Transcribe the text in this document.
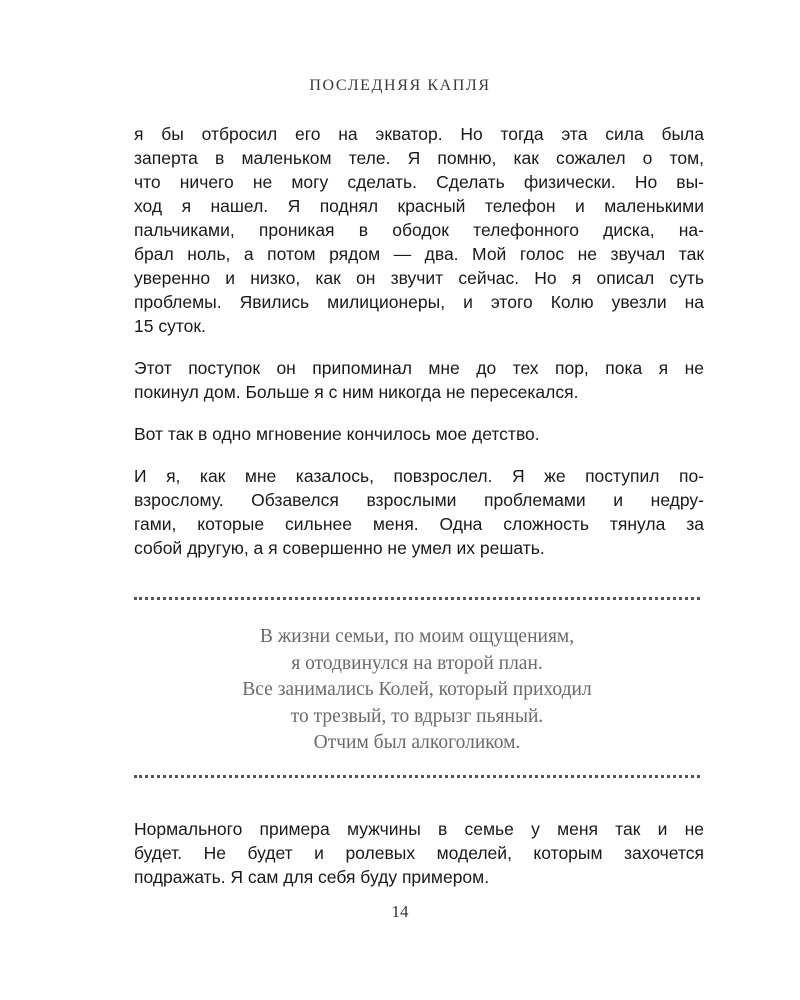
ПОСЛЕДНЯЯ КАПЛЯ

я бы отбросил его на экватор. Но тогда эта сила была
заперта в маленьком теле. Я помню, как сожалел о том,
что ничего не могу сделать. Сделать физически. Но вы-
ход я нашел. Я поднял красный телефон и маленькими
пальчиками, проникая в ободок телефонного диска, на-
брал ноль, а потом рядом — два. Мой голос не звучал так
уверенно и низко, как он звучит сейчас. Но я описал суть
проблемы. Явились милиционеры, и этого Колю увезли на
15 суток.

Этот поступок он припоминал мне до тех пор, пока я не
покинул дом. Больше я с ним никогда не пересекался.

Вот так в одно мгновение кончилось мое детство.

И я, как мне казалось, повзрослел. Я же поступил по-
взрослому. Обзавелся взрослыми проблемами и недру-
гами, которые сильнее меня. Одна сложность тянула за
собой другую, а я совершенно не умел их решать.

В жизни семьи, по моим ощущениям,
я отодвинулся на второй план.
Все занимались Колей, который приходил
то трезвый, то вдрызг пьяный.
Отчим был алкоголиком.

Нормального примера мужчины в семье у меня так и не
будет. Не будет и ролевых моделей, которым захочется
подражать. Я сам для себя буду примером.

14
